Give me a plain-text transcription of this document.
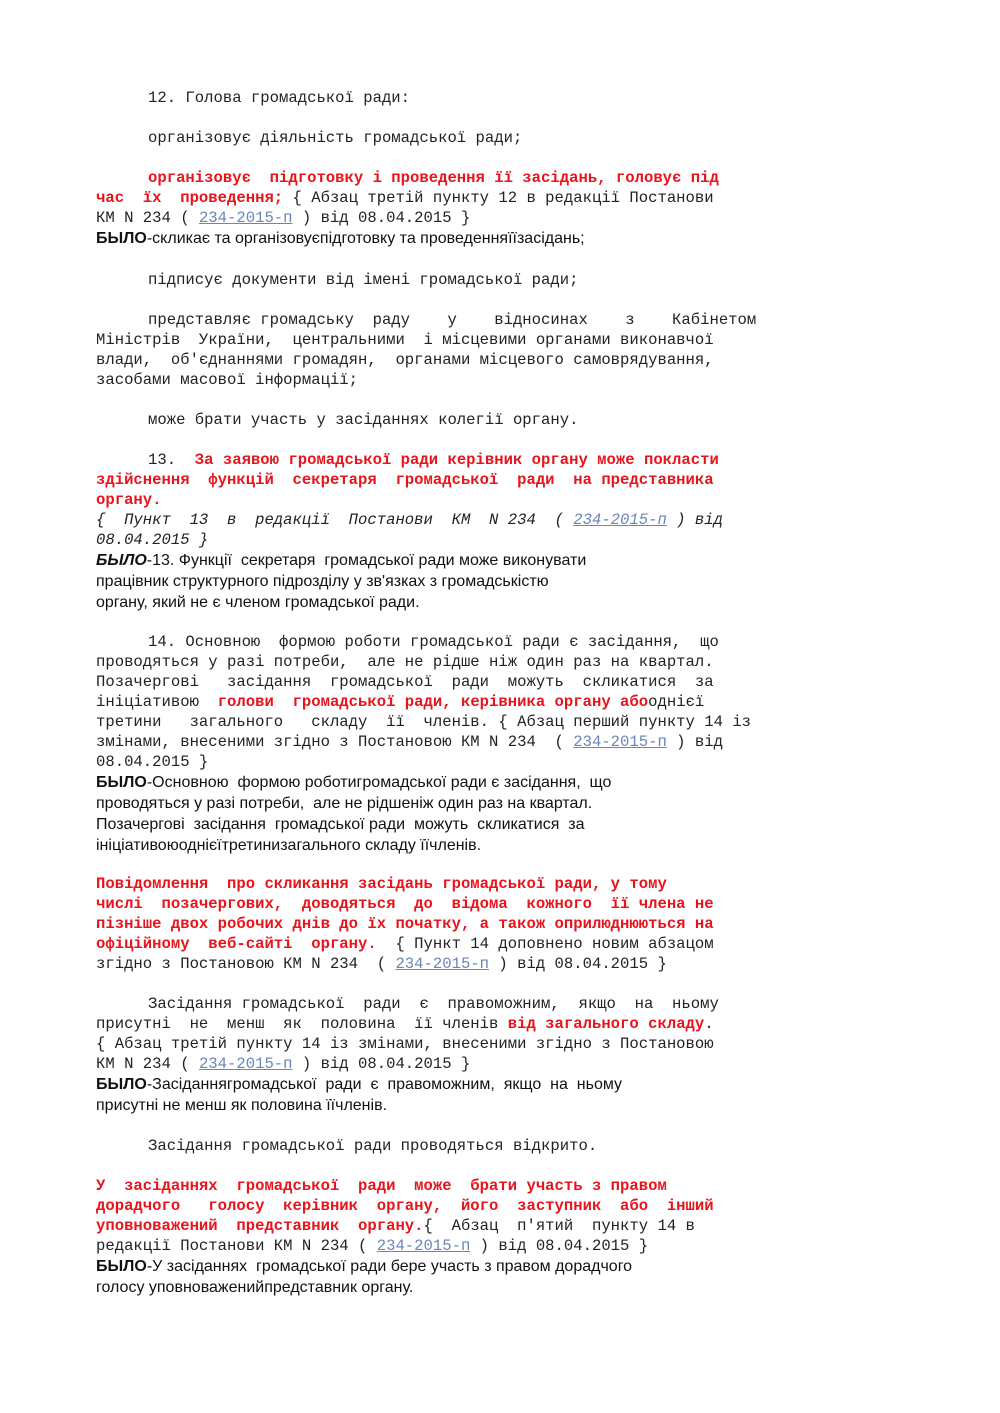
12. Голова громадської ради:
організовує діяльність громадської ради;
організовує  підготовку і проведення її засідань, головує під
час  їх  проведення; { Абзац третій пункту 12 в редакції Постанови
КМ N 234 ( 234-2015-п ) від 08.04.2015 }
БЫЛО-скликає та організовуєпідготовку та проведенняїїзасідань;
підписує документи від імені громадської ради;
представляє громадську  раду    у    відносинах    з    Кабінетом
Міністрів  України,  центральними  і місцевими органами виконавчої
влади,  об'єднаннями громадян,  органами місцевого самоврядування,
засобами масової інформації;
може брати участь у засіданнях колегії органу.
13.  За заявою громадської ради керівник органу може покласти
здійснення  функцій  секретаря  громадської  ради  на представника
органу.
{  Пункт  13  в  редакції  Постанови  КМ  N 234  ( 234-2015-п ) від
08.04.2015 }
БЫЛО-13. Функції  секретаря  громадської ради може виконувати
працівник структурного підрозділу у зв'язках з громадськістю
органу, який не є членом громадської ради.
14. Основною  формою роботи громадської ради є засідання,  що
проводяться у разі потреби,  але не рідше ніж один раз на квартал.
Позачергові   засідання  громадської  ради  можуть  скликатися  за
ініціативою  голови  громадської ради, керівника органу абооднієї
третини   загального   складу  її  членів. { Абзац перший пункту 14 із
змінами, внесеними згідно з Постановою КМ N 234  ( 234-2015-п ) від
08.04.2015 }
БЫЛО-Основною  формою роботигромадської ради є засідання,  що
проводяться у разі потреби,  але не рідшеніж один раз на квартал.
Позачергові  засідання  громадської ради  можуть  скликатися  за
ініціативоюоднієїтретинизагального складу їїчленів.
Повідомлення  про скликання засідань громадської ради, у тому
числі  позачергових,  доводяться  до  відома  кожного  її члена не
пізніше двох робочих днів до їх початку, а також оприлюднюються на
офіційному  веб-сайті  органу.  { Пункт 14 доповнено новим абзацом
згідно з Постановою КМ N 234  ( 234-2015-п ) від 08.04.2015 }
Засідання громадської  ради  є  правоможним,  якщо  на  ньому
присутні  не  менш  як  половина  її членів від загального складу.
{ Абзац третій пункту 14 із змінами, внесеними згідно з Постановою
КМ N 234 ( 234-2015-п ) від 08.04.2015 }
БЫЛО-Засіданнягромадської  ради  є  правоможним,  якщо  на  ньому
присутні не менш як половина їїчленів.
Засідання громадської ради проводяться відкрито.
У  засіданнях  громадської  ради  може  брати участь з правом
дорадчого   голосу  керівник  органу,  його  заступник  або  інший
уповноважений  представник  органу.{  Абзац  п'ятий  пункту 14 в
редакції Постанови КМ N 234 ( 234-2015-п ) від 08.04.2015 }
БЫЛО-У засіданнях  громадської ради бере участь з правом дорадчого
голосу уповноваженийпредставник органу.
